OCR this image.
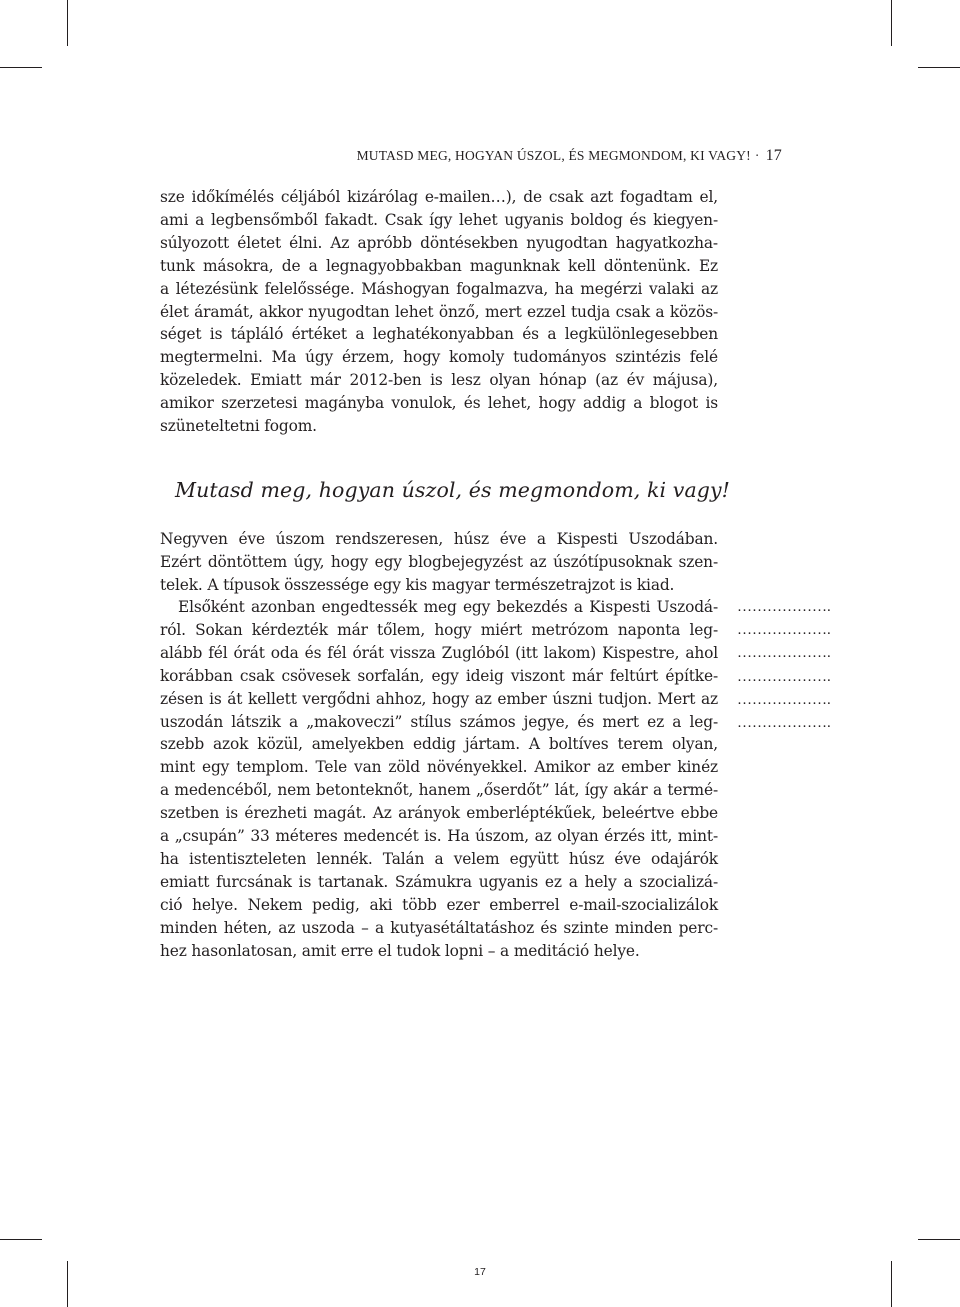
MUTASD MEG, HOGYAN ÚSZOL, ÉS MEGMONDOM, KI VAGY! · 17

sze időkímélés céljából kizárólag e-mailen…), de csak azt fogadtam el,

ami a legbensőmből fakadt. Csak így lehet ugyanis boldog és kiegyen-

súlyozott életet élni. Az apróbb döntésekben nyugodtan hagyatkozha-

tunk másokra, de a legnagyobbakban magunknak kell döntenünk. Ez

a létezésünk felelőssége. Máshogyan fogalmazva, ha megérzi valaki az

élet áramát, akkor nyugodtan lehet önző, mert ezzel tudja csak a közös-

séget is tápláló értéket a leghatékonyabban és a legkülönlegesebben

megtermelni. Ma úgy érzem, hogy komoly tudományos szintézis felé

közeledek. Emiatt már 2012-ben is lesz olyan hónap (az év májusa),

amikor szerzetesi magányba vonulok, és lehet, hogy addig a blogot is

szüneteltetni fogom.

Mutasd meg, hogyan úszol, és megmondom, ki vagy!

Negyven éve úszom rendszeresen, húsz éve a Kispesti Uszodában.

Ezért döntöttem úgy, hogy egy blogbejegyzést az úszótípusoknak szen-

telek. A típusok összessége egy kis magyar természetrajzot is kiad.

Elsőként azonban engedtessék meg egy bekezdés a Kispesti Uszodá-

ról. Sokan kérdezték már tőlem, hogy miért metrózom naponta leg-

alább fél órát oda és fél órát vissza Zuglóból (itt lakom) Kispestre, ahol

korábban csak csövesek sorfalán, egy ideig viszont már feltúrt építke-

zésen is át kellett vergődni ahhoz, hogy az ember úszni tudjon. Mert az

uszodán látszik a „makoveczi” stílus számos jegye, és mert ez a leg-

szebb azok közül, amelyekben eddig jártam. A boltíves terem olyan,

mint egy templom. Tele van zöld növényekkel. Amikor az ember kinéz

a medencéből, nem betonteknőt, hanem „őserdőt” lát, így akár a termé-

szetben is érezheti magát. Az arányok emberléptékűek, beleértve ebbe

a „csupán” 33 méteres medencét is. Ha úszom, az olyan érzés itt, mint-

ha istentiszteleten lennék. Talán a velem együtt húsz éve odajárók

emiatt furcsának is tartanak. Számukra ugyanis ez a hely a szocializá-

ció helye. Nekem pedig, aki több ezer emberrel e-mail-szocializálok

minden héten, az uszoda – a kutyasétáltatáshoz és szinte minden perc-

hez hasonlatosan, amit erre el tudok lopni – a meditáció helye.

……………….
……………….
……………….
……………….
……………….
……………….
17
